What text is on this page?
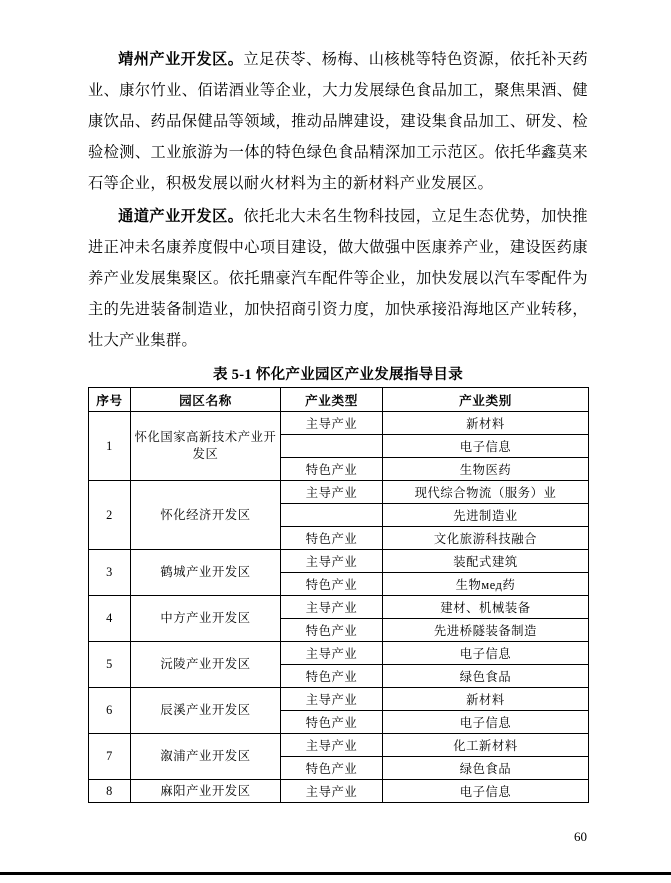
靖州产业开发区。立足茯苓、杨梅、山核桃等特色资源，依托补天药业、康尔竹业、佰诺酒业等企业，大力发展绿色食品加工，聚焦果酒、健康饮品、药品保健品等领域，推动品牌建设，建设集食品加工、研发、检验检测、工业旅游为一体的特色绿色食品精深加工示范区。依托华鑫莫来石等企业，积极发展以耐火材料为主的新材料产业发展区。

通道产业开发区。依托北大未名生物科技园，立足生态优势，加快推进正冲未名康养度假中心项目建设，做大做强中医康养产业，建设医药康养产业发展集聚区。依托鼎豪汽车配件等企业，加快发展以汽车零配件为主的先进装备制造业，加快招商引资力度，加快承接沿海地区产业转移，壮大产业集群。

表 5-1 怀化产业园区产业发展指导目录
序号	园区名称	产业类型	产业类别
1	怀化国家高新技术产业开发区	主导产业	新材料
			电子信息
		特色产业	生物医药
2	怀化经济开发区	主导产业	现代综合物流（服务）业
			先进制造业
		特色产业	文化旅游科技融合
3	鹤城产业开发区	主导产业	装配式建筑
		特色产业	生物мед药
4	中方产业开发区	主导产业	建材、机械装备
		特色产业	先进桥隧装备制造
5	沅陵产业开发区	主导产业	电子信息
		特色产业	绿色食品
6	辰溪产业开发区	主导产业	新材料
		特色产业	电子信息
7	溆浦产业开发区	主导产业	化工新材料
		特色产业	绿色食品
8	麻阳产业开发区	主导产业	电子信息
60
